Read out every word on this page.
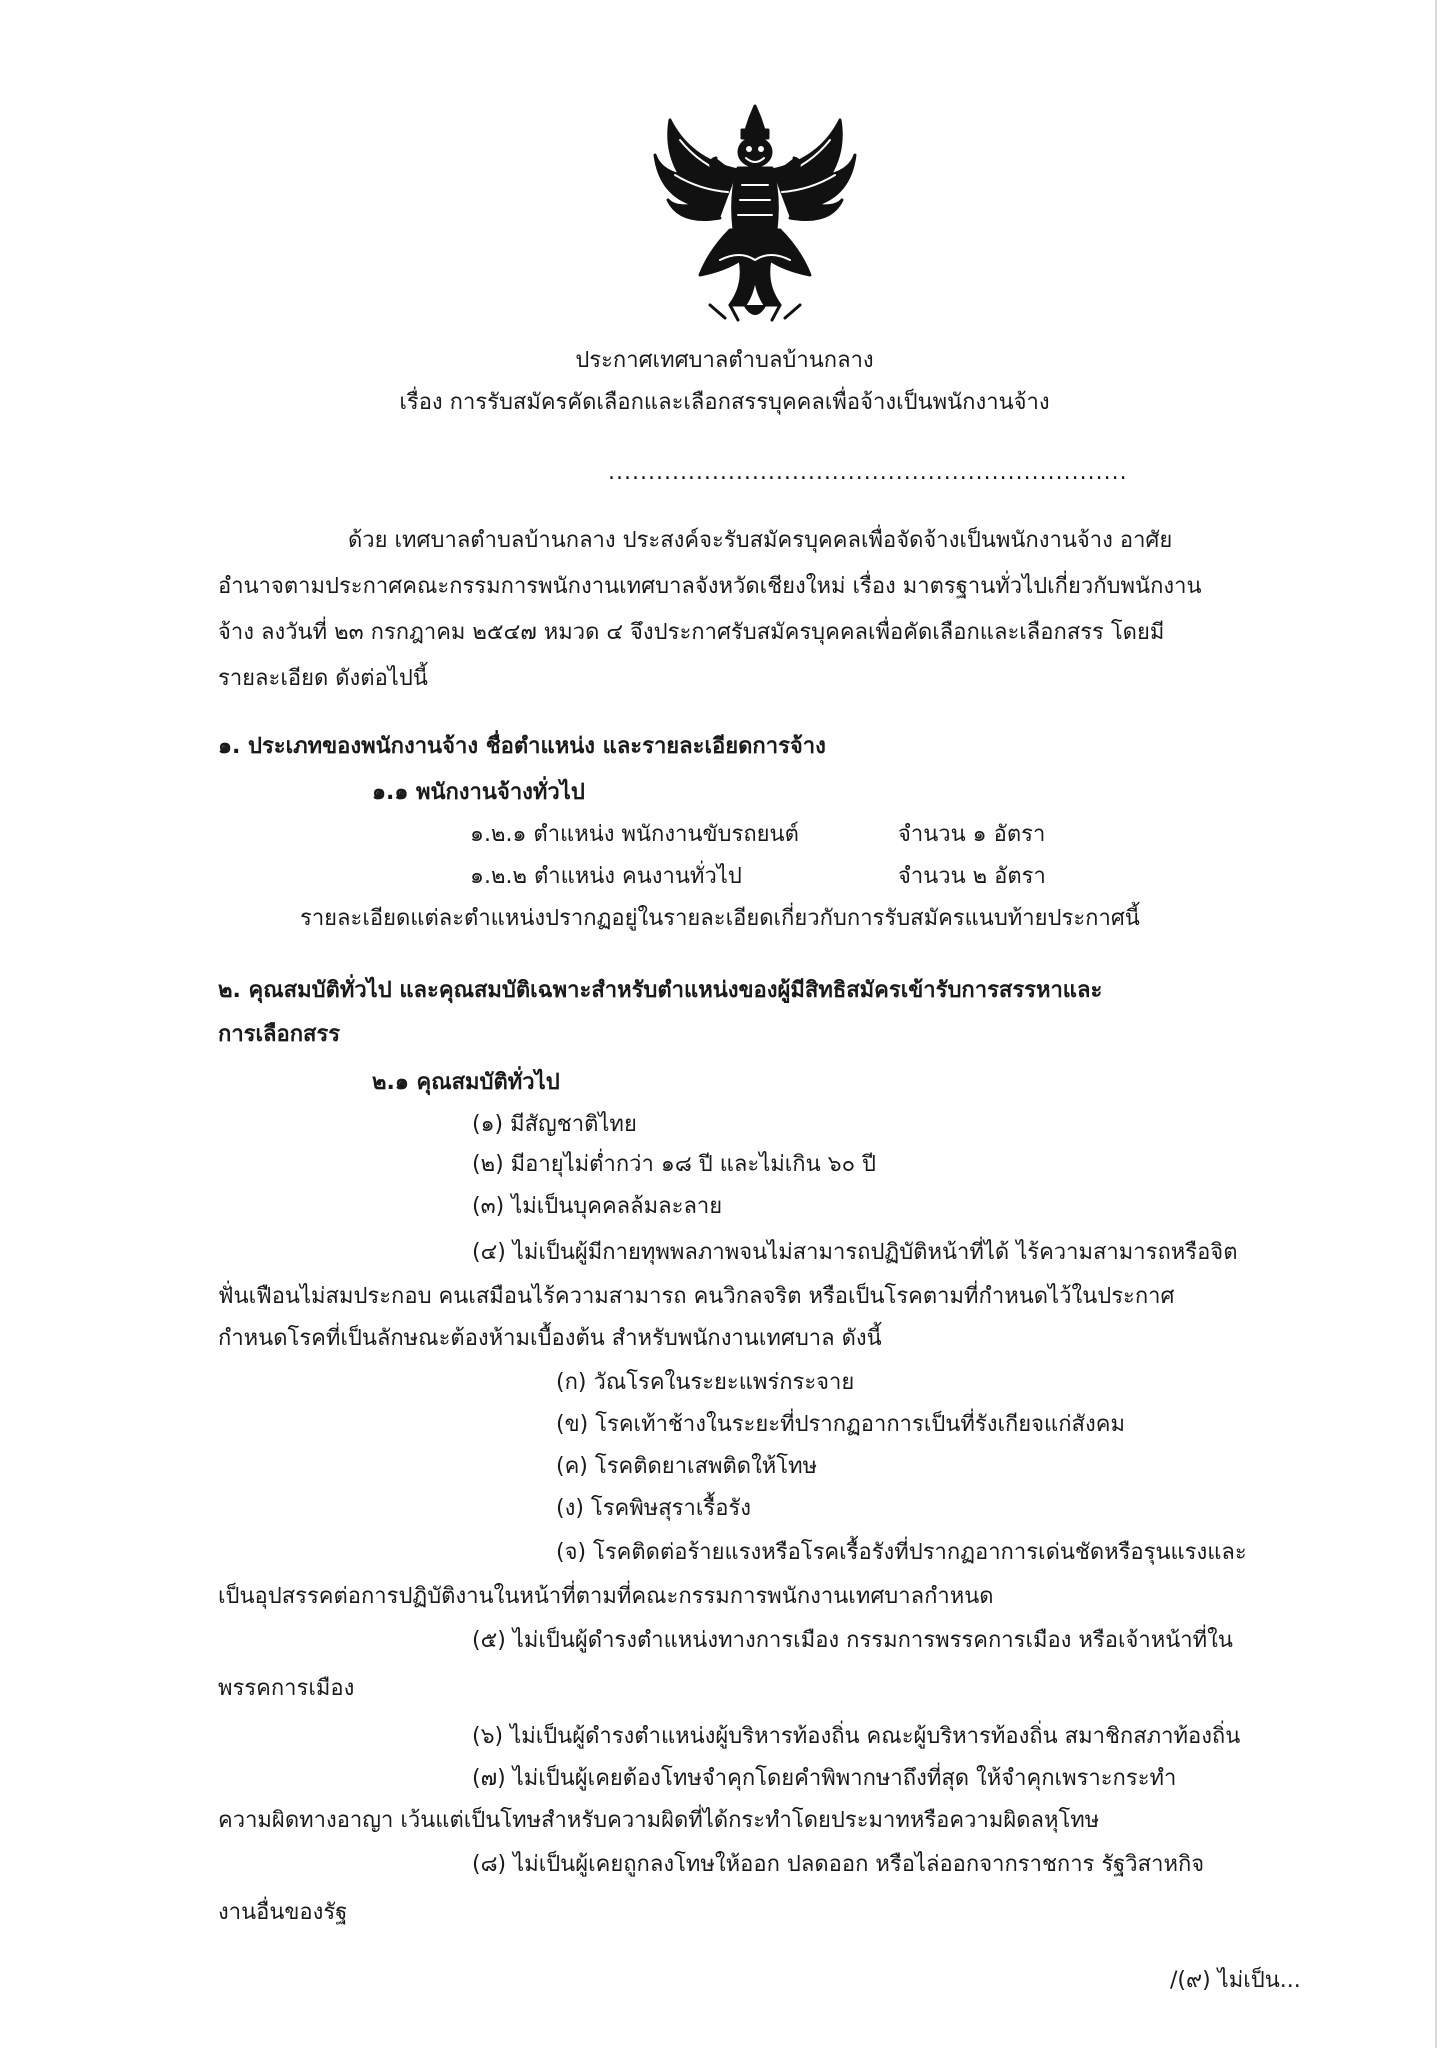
ประกาศเทศบาลตำบลบ้านกลาง
เรื่อง การรับสมัครคัดเลือกและเลือกสรรบุคคลเพื่อจ้างเป็นพนักงานจ้าง
.................................................................
ด้วย เทศบาลตำบลบ้านกลาง ประสงค์จะรับสมัครบุคคลเพื่อจัดจ้างเป็นพนักงานจ้าง อาศัย
อำนาจตามประกาศคณะกรรมการพนักงานเทศบาลจังหวัดเชียงใหม่ เรื่อง มาตรฐานทั่วไปเกี่ยวกับพนักงาน
จ้าง ลงวันที่ ๒๓ กรกฎาคม ๒๕๔๗ หมวด ๔ จึงประกาศรับสมัครบุคคลเพื่อคัดเลือกและเลือกสรร โดยมี
รายละเอียด ดังต่อไปนี้
๑. ประเภทของพนักงานจ้าง ชื่อตำแหน่ง และรายละเอียดการจ้าง
๑.๑ พนักงานจ้างทั่วไป
๑.๒.๑ ตำแหน่ง พนักงานขับรถยนต์	จำนวน ๑ อัตรา
๑.๒.๒ ตำแหน่ง คนงานทั่วไป	จำนวน ๒ อัตรา
รายละเอียดแต่ละตำแหน่งปรากฏอยู่ในรายละเอียดเกี่ยวกับการรับสมัครแนบท้ายประกาศนี้
๒. คุณสมบัติทั่วไป และคุณสมบัติเฉพาะสำหรับตำแหน่งของผู้มีสิทธิสมัครเข้ารับการสรรหาและ
การเลือกสรร
๒.๑ คุณสมบัติทั่วไป
(๑) มีสัญชาติไทย
(๒) มีอายุไม่ต่ำกว่า ๑๘ ปี และไม่เกิน ๖๐ ปี
(๓) ไม่เป็นบุคคลล้มละลาย
(๔) ไม่เป็นผู้มีกายทุพพลภาพจนไม่สามารถปฏิบัติหน้าที่ได้ ไร้ความสามารถหรือจิต
ฟั่นเฟือนไม่สมประกอบ คนเสมือนไร้ความสามารถ คนวิกลจริต หรือเป็นโรคตามที่กำหนดไว้ในประกาศ
กำหนดโรคที่เป็นลักษณะต้องห้ามเบื้องต้น สำหรับพนักงานเทศบาล ดังนี้
(ก) วัณโรคในระยะแพร่กระจาย
(ข) โรคเท้าช้างในระยะที่ปรากฏอาการเป็นที่รังเกียจแก่สังคม
(ค) โรคติดยาเสพติดให้โทษ
(ง) โรคพิษสุราเรื้อรัง
(จ) โรคติดต่อร้ายแรงหรือโรคเรื้อรังที่ปรากฏอาการเด่นชัดหรือรุนแรงและ
เป็นอุปสรรคต่อการปฏิบัติงานในหน้าที่ตามที่คณะกรรมการพนักงานเทศบาลกำหนด
(๕) ไม่เป็นผู้ดำรงตำแหน่งทางการเมือง กรรมการพรรคการเมือง หรือเจ้าหน้าที่ใน
พรรคการเมือง
(๖) ไม่เป็นผู้ดำรงตำแหน่งผู้บริหารท้องถิ่น คณะผู้บริหารท้องถิ่น สมาชิกสภาท้องถิ่น
(๗) ไม่เป็นผู้เคยต้องโทษจำคุกโดยคำพิพากษาถึงที่สุด ให้จำคุกเพราะกระทำ
ความผิดทางอาญา เว้นแต่เป็นโทษสำหรับความผิดที่ได้กระทำโดยประมาทหรือความผิดลหุโทษ
(๘) ไม่เป็นผู้เคยถูกลงโทษให้ออก ปลดออก หรือไล่ออกจากราชการ รัฐวิสาหกิจ
งานอื่นของรัฐ
/(๙) ไม่เป็น...
